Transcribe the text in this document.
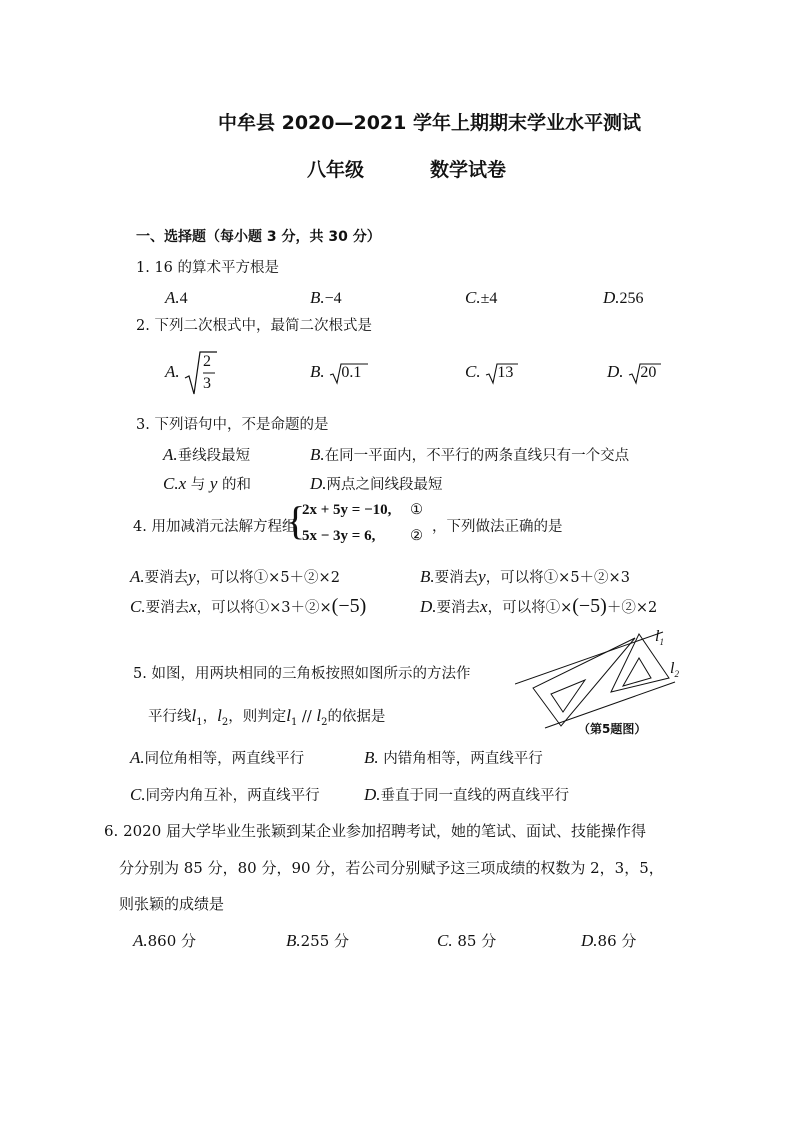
中牟县 2020—2021 学年上期期末学业水平测试
八年级	数学试卷
一、选择题（每小题 3 分，共 30 分）
1. 16 的算术平方根是
A.4	B.−4	C.±4	D.256
2. 下列二次根式中，最简二次根式是
A.
2
3
B. 0.1	C. 13	D. 20
3. 下列语句中，不是命题的是
A.垂线段最短	B.在同一平面内，不平行的两条直线只有一个交点
C.x 与 y 的和	D.两点之间线段最短
4. 用加减消元法解方程组
{
2x + 5y = −10, ①
5x − 3y = 6, ②
，下列做法正确的是
A.要消去y，可以将①×5＋②×2	B.要消去y，可以将①×5＋②×3
C.要消去x，可以将①×3＋②×(−5)	D.要消去x，可以将①×(−5)＋②×2
5. 如图，用两块相同的三角板按照如图所示的方法作
平行线$l_1$，$l_2$，则判定$l_1 // l_2$的依据是
$l_1$
$l_2$
（第5题图）
A.同位角相等，两直线平行	B. 内错角相等，两直线平行
C.同旁内角互补，两直线平行	D.垂直于同一直线的两直线平行
6. 2020 届大学毕业生张颖到某企业参加招聘考试，她的笔试、面试、技能操作得
分分别为 85 分，80 分，90 分，若公司分别赋予这三项成绩的权数为 2，3，5，
则张颖的成绩是
A.860 分	B.255 分	C. 85 分	D.86 分
